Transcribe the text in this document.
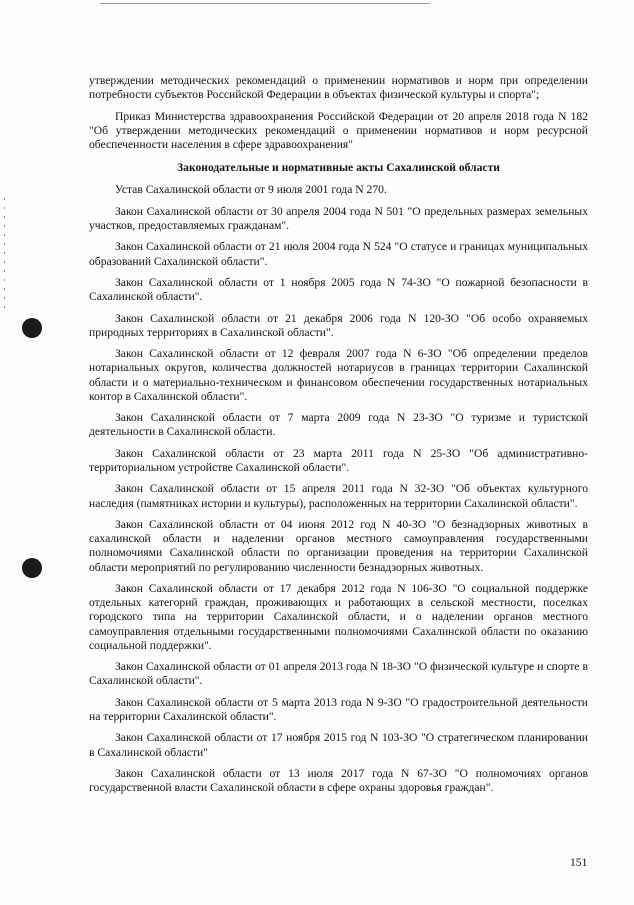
утверждении методических рекомендаций о применении нормативов и норм при определении потребности субъектов Российской Федерации в объектах физической культуры и спорта";

Приказ Министерства здравоохранения Российской Федерации от 20 апреля 2018 года N 182 "Об утверждении методических рекомендаций о применении нормативов и норм ресурсной обеспеченности населения в сфере здравоохранения"

Законодательные и нормативные акты Сахалинской области

Устав Сахалинской области от 9 июля 2001 года N 270.

Закон Сахалинской области от 30 апреля 2004 года N 501 "О предельных размерах земельных участков, предоставляемых гражданам".

Закон Сахалинской области от 21 июля 2004 года N 524 "О статусе и границах муниципальных образований Сахалинской области".

Закон Сахалинской области от 1 ноября 2005 года N 74-ЗО "О пожарной безопасности в Сахалинской области".

Закон Сахалинской области от 21 декабря 2006 года N 120-ЗО "Об особо охраняемых природных территориях в Сахалинской области".

Закон Сахалинской области от 12 февраля 2007 года N 6-ЗО "Об определении пределов нотариальных округов, количества должностей нотариусов в границах территории Сахалинской области и о материально-техническом и финансовом обеспечении государственных нотариальных контор в Сахалинской области".

Закон Сахалинской области от 7 марта 2009 года N 23-ЗО "О туризме и туристской деятельности в Сахалинской области.

Закон Сахалинской области от 23 марта 2011 года N 25-ЗО "Об административно-территориальном устройстве Сахалинской области".

Закон Сахалинской области от 15 апреля 2011 года N 32-ЗО "Об объектах культурного наследия (памятниках истории и культуры), расположенных на территории Сахалинской области".

Закон Сахалинской области от 04 июня 2012 год N 40-ЗО "О безнадзорных животных в сахалинской области и наделении органов местного самоуправления государственными полномочиями Сахалинской области по организации проведения на территории Сахалинской области мероприятий по регулированию численности безнадзорных животных.

Закон Сахалинской области от 17 декабря 2012 года N 106-ЗО "О социальной поддержке отдельных категорий граждан, проживающих и работающих в сельской местности, поселках городского типа на территории Сахалинской области, и о наделении органов местного самоуправления отдельными государственными полномочиями Сахалинской области по оказанию социальной поддержки".

Закон Сахалинской области от 01 апреля 2013 года N 18-ЗО "О физической культуре и спорте в Сахалинской области".

Закон Сахалинской области от 5 марта 2013 года N 9-ЗО "О градостроительной деятельности на территории Сахалинской области".

Закон Сахалинской области от 17 ноября 2015 год N 103-ЗО "О стратегическом планировании в Сахалинской области"

Закон Сахалинской области от 13 июля 2017 года N 67-ЗО "О полномочиях органов государственной власти Сахалинской области в сфере охраны здоровья граждан".

151
